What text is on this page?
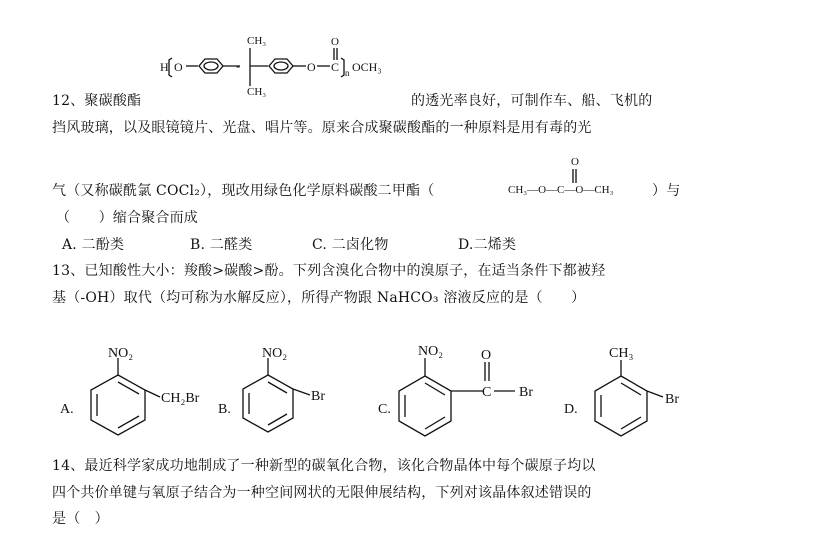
H O	-
CH₃
CH₃
O C
O
n OCH₃
12、聚碳酸酯	的透光率良好，可制作车、船、飞机的
挡风玻璃，以及眼镜镜片、光盘、唱片等。原来合成聚碳酸酯的一种原料是用有毒的光
CH₃—O—C—O—CH₃
O
气（又称碳酰氯 COCl₂），现改用绿色化学原料碳酸二甲酯（	）与
（　　）缩合聚合而成
A. 二酚类	B. 二醛类	C. 二卤化物	D.二烯类
13、已知酸性大小：羧酸>碳酸>酚。下列含溴化合物中的溴原子，在适当条件下都被羟
基（-OH）取代（均可称为水解反应），所得产物跟 NaHCO₃ 溶液反应的是（　　）
A.
NO₂
CH₂Br
B.
NO₂
Br
C.
NO₂
C
O
Br
D.
CH₃
Br
14、最近科学家成功地制成了一种新型的碳氧化合物，该化合物晶体中每个碳原子均以
四个共价单键与氧原子结合为一种空间网状的无限伸展结构，下列对该晶体叙述错误的
是（　）
